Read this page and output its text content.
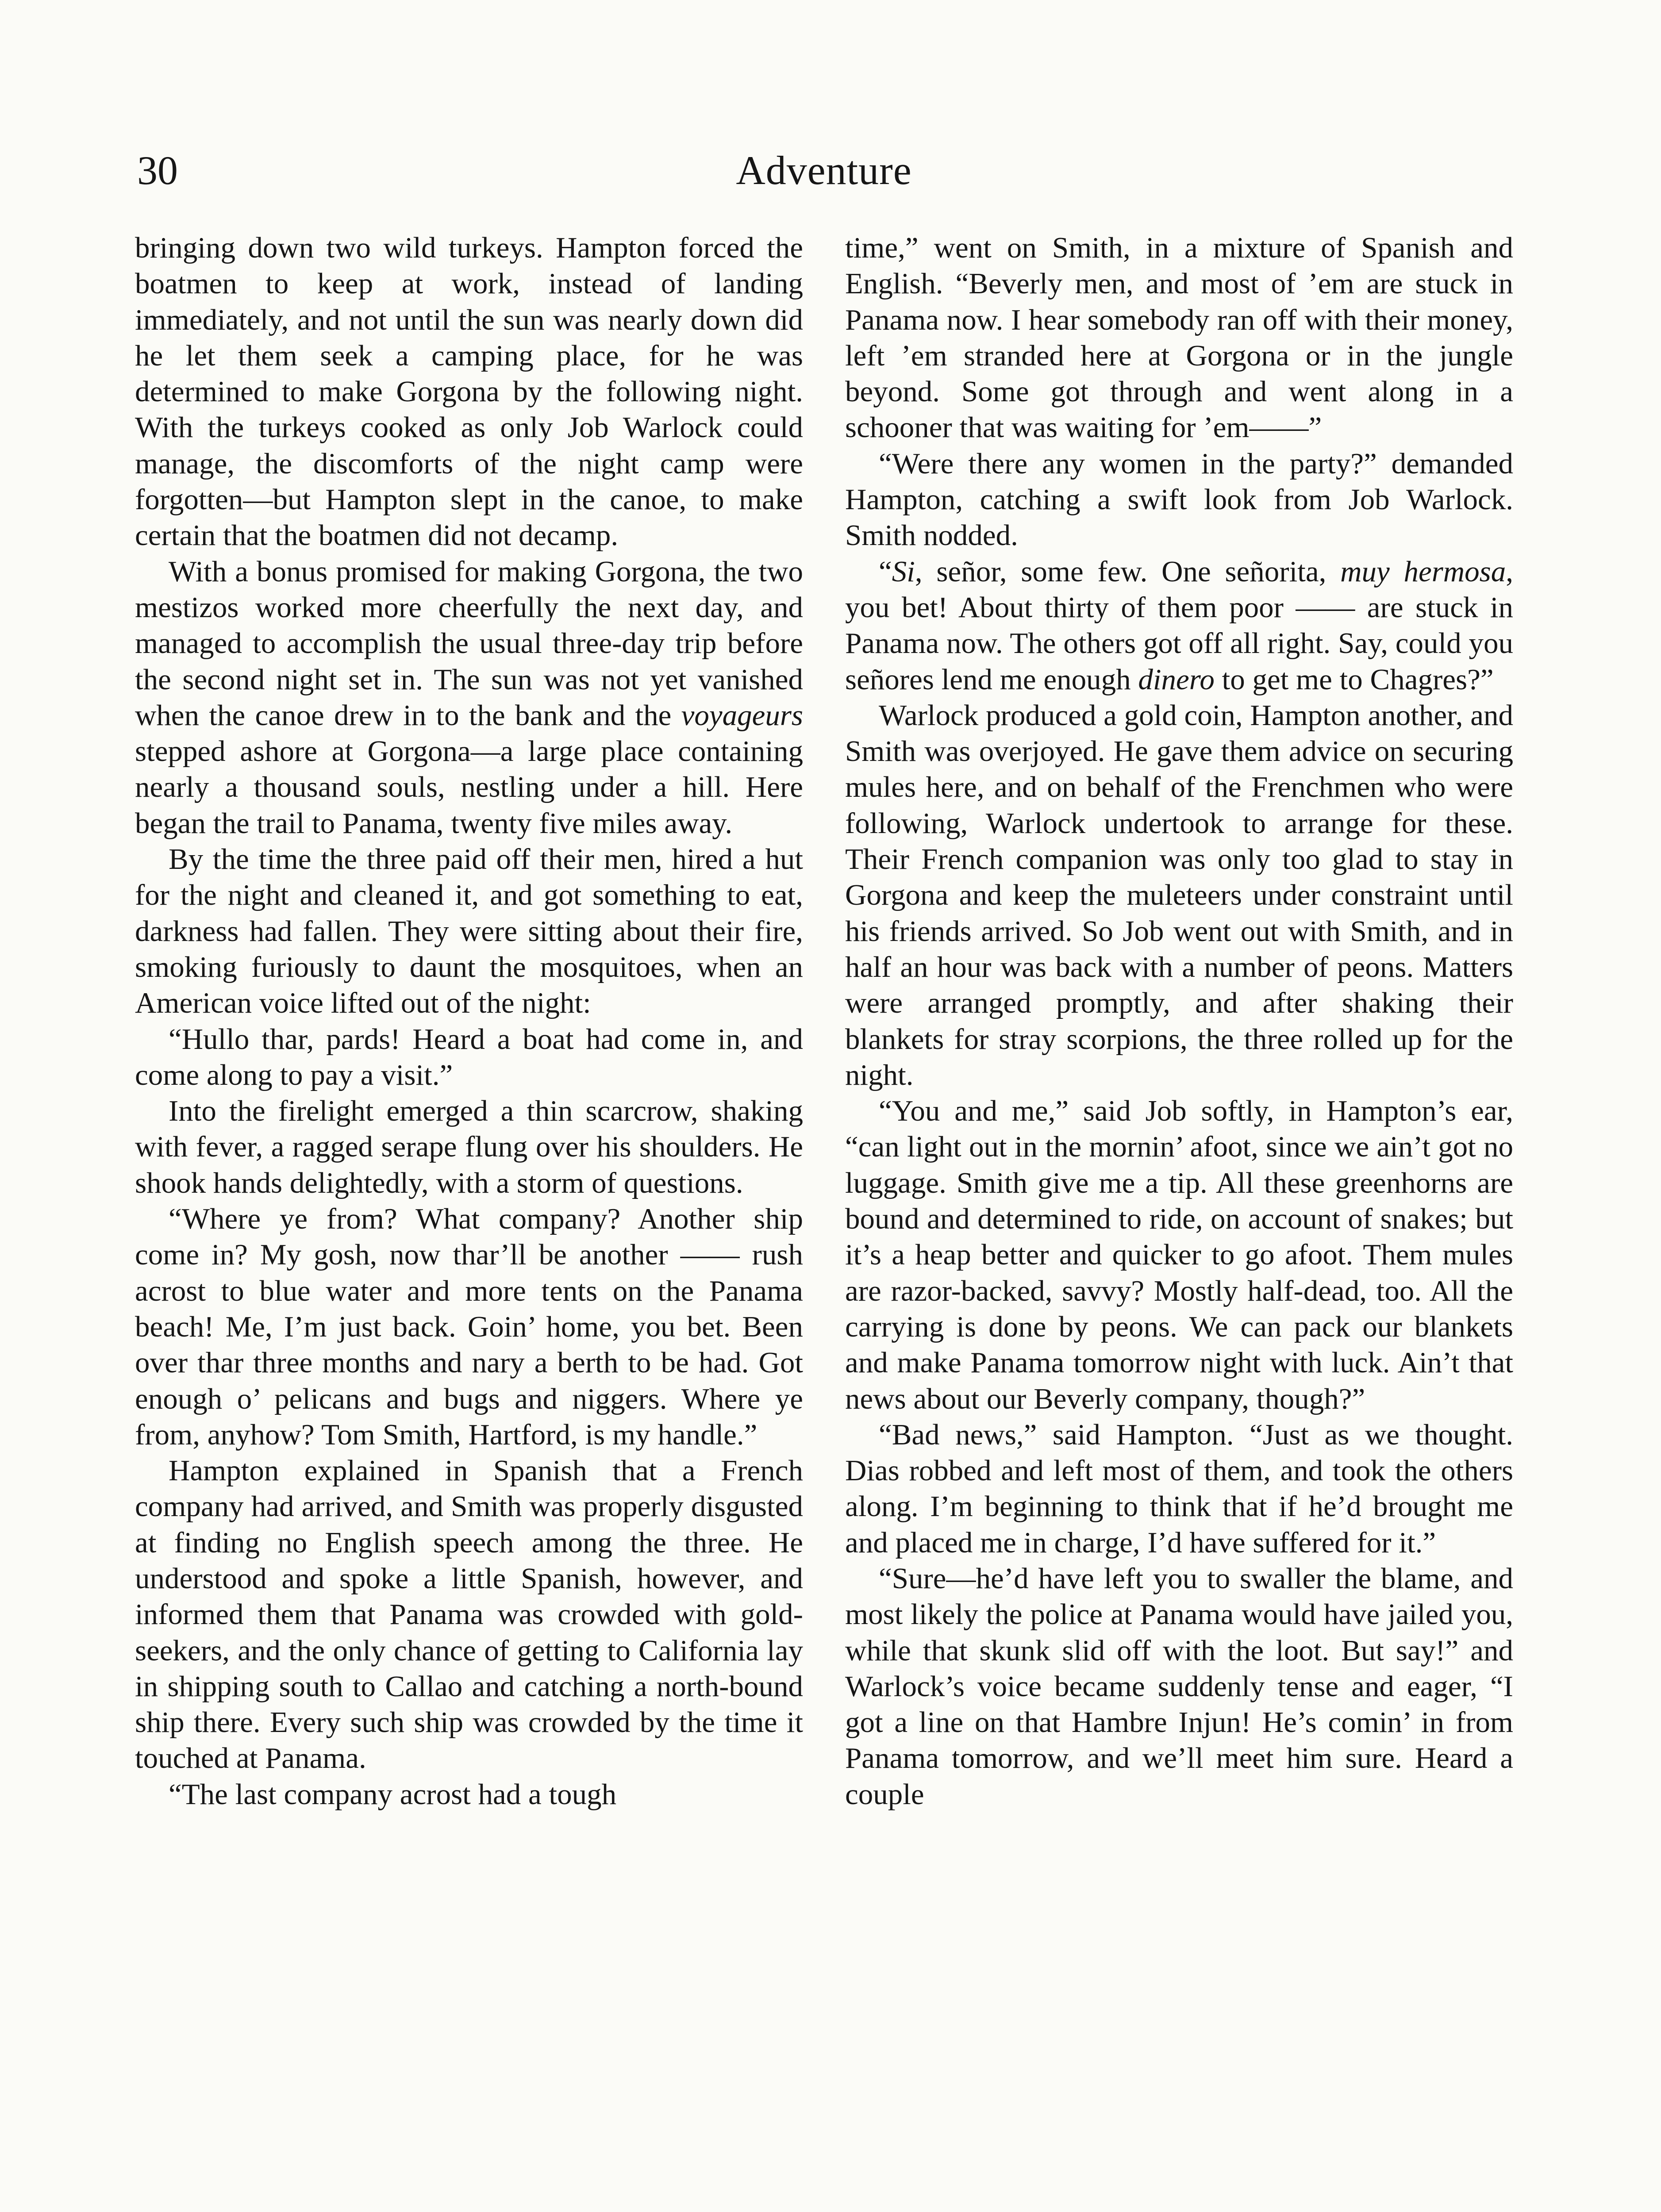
30	Adventure

bringing down two wild turkeys. Hampton forced the boatmen to keep at work, instead of landing immediately, and not until the sun was nearly down did he let them seek a camping place, for he was determined to make Gorgona by the following night. With the turkeys cooked as only Job Warlock could manage, the discomforts of the night camp were forgotten—but Hampton slept in the canoe, to make certain that the boatmen did not decamp.

With a bonus promised for making Gorgona, the two mestizos worked more cheerfully the next day, and managed to accomplish the usual three-day trip before the second night set in. The sun was not yet vanished when the canoe drew in to the bank and the voyageurs stepped ashore at Gorgona—a large place containing nearly a thousand souls, nestling under a hill. Here began the trail to Panama, twenty five miles away.

By the time the three paid off their men, hired a hut for the night and cleaned it, and got something to eat, darkness had fallen. They were sitting about their fire, smoking furiously to daunt the mosquitoes, when an American voice lifted out of the night:

“Hullo thar, pards! Heard a boat had come in, and come along to pay a visit.”

Into the firelight emerged a thin scarcrow, shaking with fever, a ragged serape flung over his shoulders. He shook hands delightedly, with a storm of questions.

“Where ye from? What company? Another ship come in? My gosh, now thar’ll be another —— rush acrost to blue water and more tents on the Panama beach! Me, I’m just back. Goin’ home, you bet. Been over thar three months and nary a berth to be had. Got enough o’ pelicans and bugs and niggers. Where ye from, anyhow? Tom Smith, Hartford, is my handle.”

Hampton explained in Spanish that a French company had arrived, and Smith was properly disgusted at finding no English speech among the three. He understood and spoke a little Spanish, however, and informed them that Panama was crowded with gold-seekers, and the only chance of getting to California lay in shipping south to Callao and catching a north-bound ship there. Every such ship was crowded by the time it touched at Panama.

“The last company acrost had a tough

time,” went on Smith, in a mixture of Spanish and English. “Beverly men, and most of ’em are stuck in Panama now. I hear somebody ran off with their money, left ’em stranded here at Gorgona or in the jungle beyond. Some got through and went along in a schooner that was waiting for ’em——”

“Were there any women in the party?” demanded Hampton, catching a swift look from Job Warlock. Smith nodded.

“Si, señor, some few. One señorita, muy hermosa, you bet! About thirty of them poor —— are stuck in Panama now. The others got off all right. Say, could you señores lend me enough dinero to get me to Chagres?”

Warlock produced a gold coin, Hampton another, and Smith was overjoyed. He gave them advice on securing mules here, and on behalf of the Frenchmen who were following, Warlock undertook to arrange for these. Their French companion was only too glad to stay in Gorgona and keep the muleteers under constraint until his friends arrived. So Job went out with Smith, and in half an hour was back with a number of peons. Matters were arranged promptly, and after shaking their blankets for stray scorpions, the three rolled up for the night.

“You and me,” said Job softly, in Hampton’s ear, “can light out in the mornin’ afoot, since we ain’t got no luggage. Smith give me a tip. All these greenhorns are bound and determined to ride, on account of snakes; but it’s a heap better and quicker to go afoot. Them mules are razor-backed, savvy? Mostly half-dead, too. All the carrying is done by peons. We can pack our blankets and make Panama tomorrow night with luck. Ain’t that news about our Beverly company, though?”

“Bad news,” said Hampton. “Just as we thought. Dias robbed and left most of them, and took the others along. I’m beginning to think that if he’d brought me and placed me in charge, I’d have suffered for it.”

“Sure—he’d have left you to swaller the blame, and most likely the police at Panama would have jailed you, while that skunk slid off with the loot. But say!” and Warlock’s voice became suddenly tense and eager, “I got a line on that Hambre Injun! He’s comin’ in from Panama tomorrow, and we’ll meet him sure. Heard a couple
